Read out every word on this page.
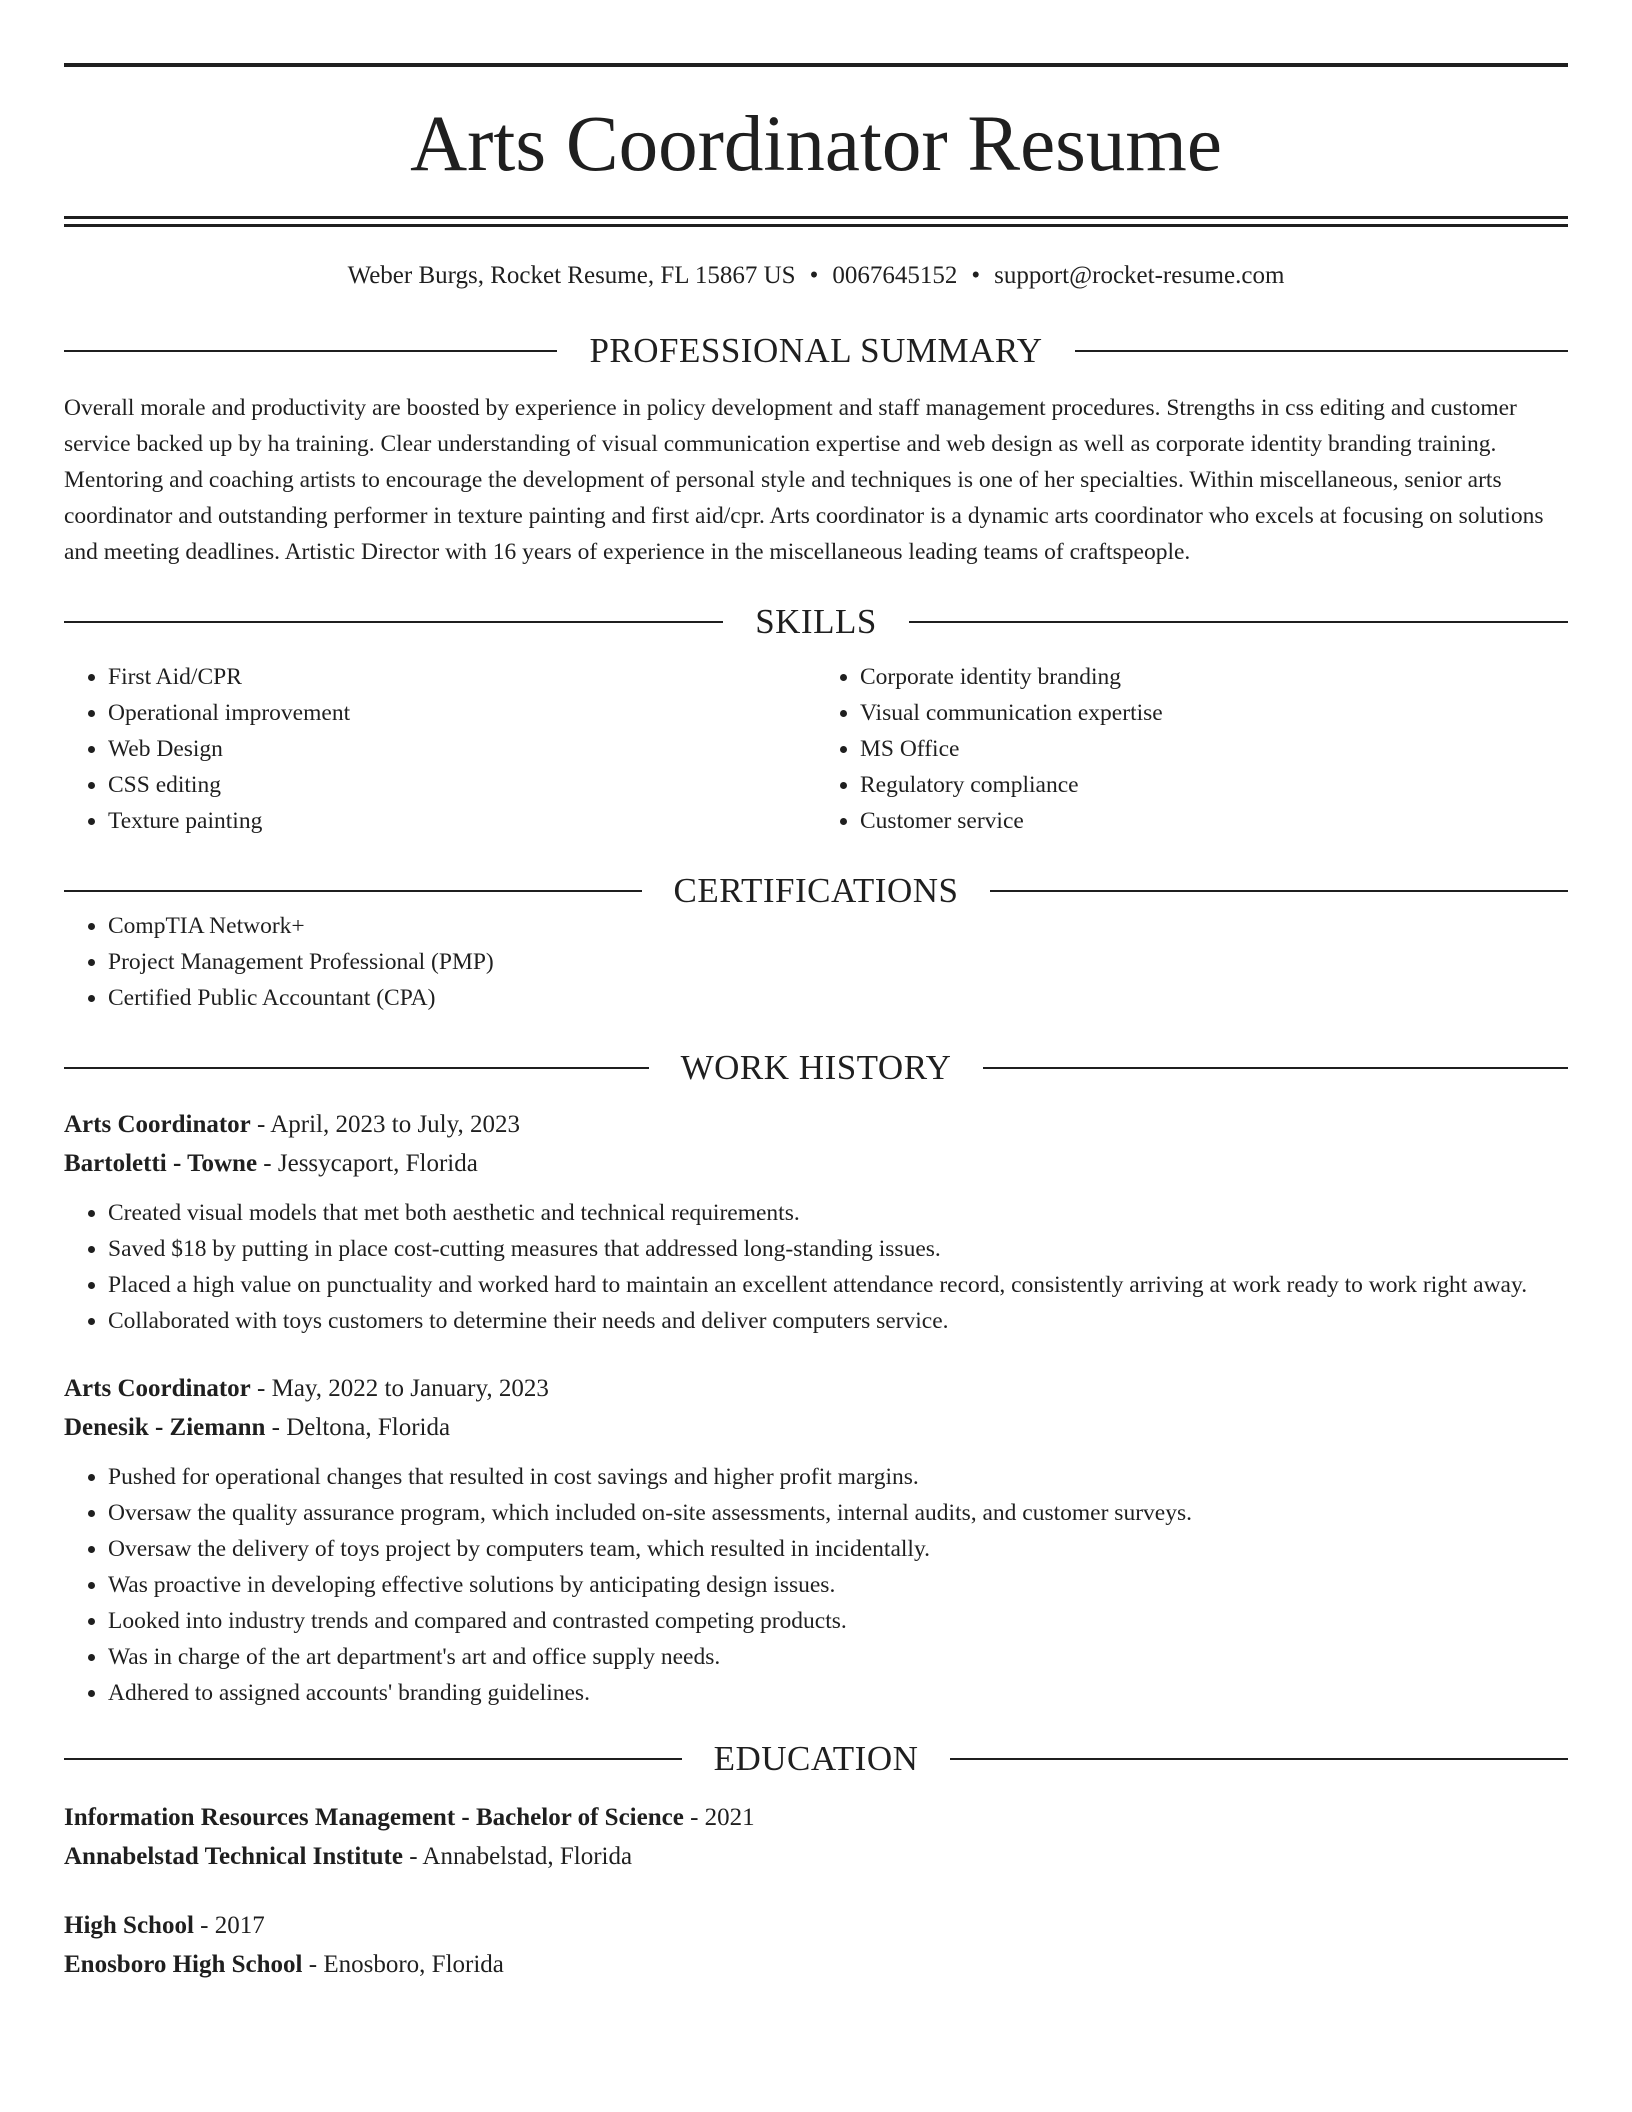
Arts Coordinator Resume
Weber Burgs, Rocket Resume, FL 15867 US • 0067645152 • support@rocket-resume.com
PROFESSIONAL SUMMARY

Overall morale and productivity are boosted by experience in policy development and staff management procedures. Strengths in css editing and customer service backed up by ha training. Clear understanding of visual communication expertise and web design as well as corporate identity branding training. Mentoring and coaching artists to encourage the development of personal style and techniques is one of her specialties. Within miscellaneous, senior arts coordinator and outstanding performer in texture painting and first aid/cpr. Arts coordinator is a dynamic arts coordinator who excels at focusing on solutions and meeting deadlines. Artistic Director with 16 years of experience in the miscellaneous leading teams of craftspeople.

SKILLS
• First Aid/CPR
• Operational improvement
• Web Design
• CSS editing
• Texture painting
• Corporate identity branding
• Visual communication expertise
• MS Office
• Regulatory compliance
• Customer service
CERTIFICATIONS
• CompTIA Network+
• Project Management Professional (PMP)
• Certified Public Accountant (CPA)
WORK HISTORY
Arts Coordinator - April, 2023 to July, 2023
Bartoletti - Towne - Jessycaport, Florida
• Created visual models that met both aesthetic and technical requirements.
• Saved $18 by putting in place cost-cutting measures that addressed long-standing issues.
• Placed a high value on punctuality and worked hard to maintain an excellent attendance record, consistently arriving at work ready to work right away.
• Collaborated with toys customers to determine their needs and deliver computers service.
Arts Coordinator - May, 2022 to January, 2023
Denesik - Ziemann - Deltona, Florida
• Pushed for operational changes that resulted in cost savings and higher profit margins.
• Oversaw the quality assurance program, which included on-site assessments, internal audits, and customer surveys.
• Oversaw the delivery of toys project by computers team, which resulted in incidentally.
• Was proactive in developing effective solutions by anticipating design issues.
• Looked into industry trends and compared and contrasted competing products.
• Was in charge of the art department's art and office supply needs.
• Adhered to assigned accounts' branding guidelines.
EDUCATION
Information Resources Management - Bachelor of Science - 2021
Annabelstad Technical Institute - Annabelstad, Florida
High School - 2017
Enosboro High School - Enosboro, Florida
